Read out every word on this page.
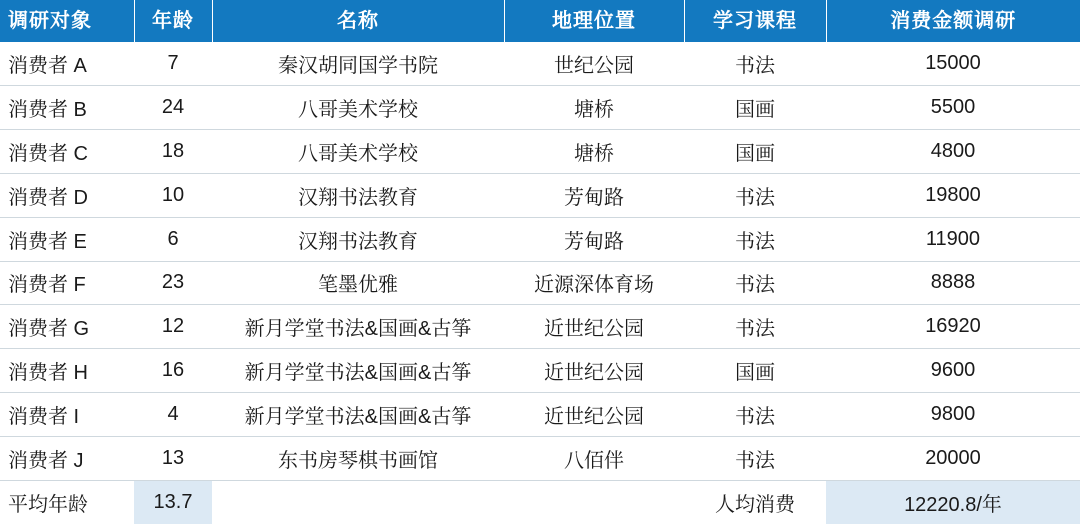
调研对象	年龄	名称	地理位置	学习课程	消费金额调研
消费者 A	7	秦汉胡同国学书院	世纪公园	书法	15000
消费者 B	24	八哥美术学校	塘桥	国画	5500
消费者 C	18	八哥美术学校	塘桥	国画	4800
消费者 D	10	汉翔书法教育	芳甸路	书法	19800
消费者 E	6	汉翔书法教育	芳甸路	书法	11900
消费者 F	23	笔墨优雅	近源深体育场	书法	8888
消费者 G	12	新月学堂书法&国画&古筝	近世纪公园	书法	16920
消费者 H	16	新月学堂书法&国画&古筝	近世纪公园	国画	9600
消费者 I	4	新月学堂书法&国画&古筝	近世纪公园	书法	9800
消费者 J	13	东书房琴棋书画馆	八佰伴	书法	20000
平均年龄	13.7			人均消费	12220.8/年
